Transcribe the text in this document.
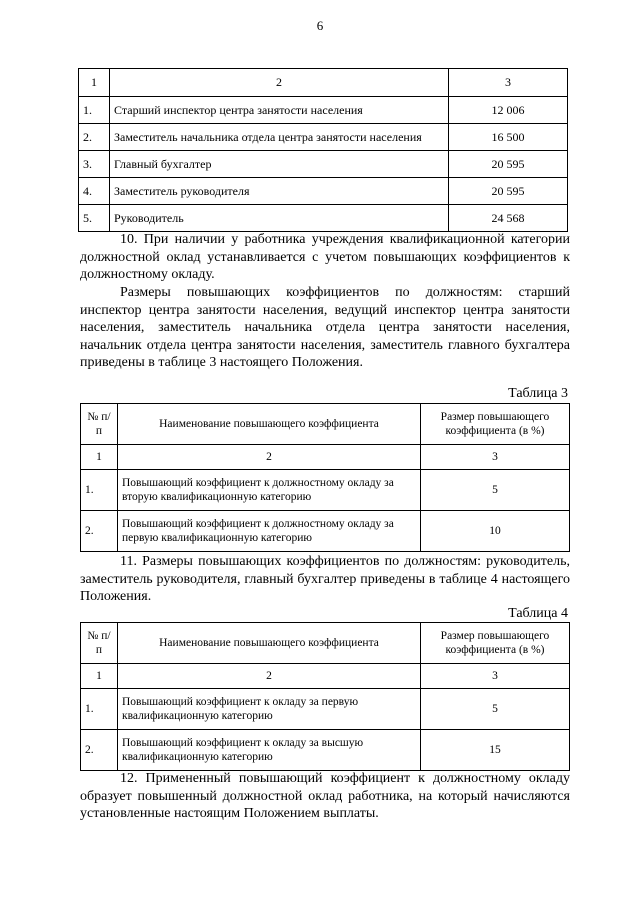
6
1	2	3
1.	Старший инспектор центра занятости населения	12 006
2.	Заместитель начальника отдела центра занятости населения	16 500
3.	Главный бухгалтер	20 595
4.	Заместитель руководителя	20 595
5.	Руководитель	24 568
10. При наличии у работника учреждения квалификационной категории должностной оклад устанавливается с учетом повышающих коэффициентов к должностному окладу.
Размеры повышающих коэффициентов по должностям: старший инспектор центра занятости населения, ведущий инспектор центра занятости населения, заместитель начальника отдела центра занятости населения, начальник отдела центра занятости населения, заместитель главного бухгалтера приведены в таблице 3 настоящего Положения.
Таблица 3
№ п/п	Наименование повышающего коэффициента	Размер повышающего коэффициента (в %)
1	2	3
1.	Повышающий коэффициент к должностному окладу за вторую квалификационную категорию	5
2.	Повышающий коэффициент к должностному окладу за первую квалификационную категорию	10
11. Размеры повышающих коэффициентов по должностям: руководитель, заместитель руководителя, главный бухгалтер приведены в таблице 4 настоящего Положения.
Таблица 4
№ п/п	Наименование повышающего коэффициента	Размер повышающего коэффициента (в %)
1	2	3
1.	Повышающий коэффициент к окладу за первую квалификационную категорию	5
2.	Повышающий коэффициент к окладу за высшую квалификационную категорию	15
12. Примененный повышающий коэффициент к должностному окладу образует повышенный должностной оклад работника, на который начисляются установленные настоящим Положением выплаты.
